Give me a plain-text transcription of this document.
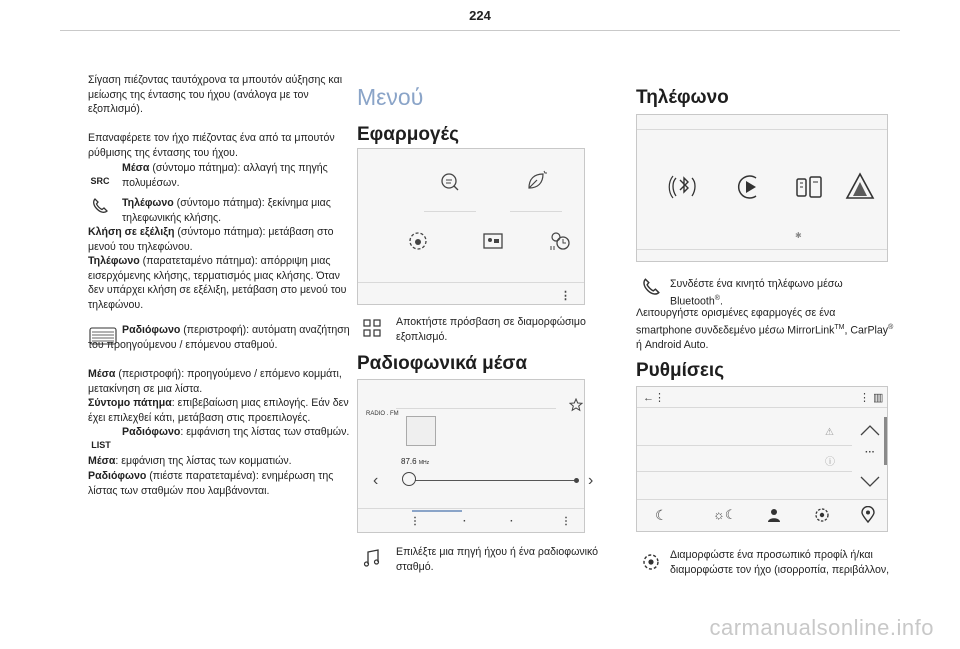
224
Σίγαση πιέζοντας ταυτόχρονα τα μπουτόν αύξησης και μείωσης της έντασης του ήχου (ανάλογα με τον εξοπλισμό).
Επαναφέρετε τον ήχο πιέζοντας ένα από τα μπουτόν ρύθμισης της έντασης του ήχου.
SRC
Μέσα (σύντομο πάτημα): αλλαγή της πηγής πολυμέσων.
Τηλέφωνο (σύντομο πάτημα): ξεκίνημα μιας τηλεφωνικής κλήσης.
Κλήση σε εξέλιξη (σύντομο πάτημα): μετάβαση στο μενού του τηλεφώνου.
Τηλέφωνο (παρατεταμένο πάτημα): απόρριψη μιας εισερχόμενης κλήσης, τερματισμός μιας κλήσης. Όταν δεν υπάρχει κλήση σε εξέλιξη, μετάβαση στο μενού του τηλεφώνου.
Ραδιόφωνο (περιστροφή): αυτόματη αναζήτηση του προηγούμενου / επόμενου σταθμού.
Μέσα (περιστροφή): προηγούμενο / επόμενο κομμάτι, μετακίνηση σε μια λίστα.
Σύντομο πάτημα: επιβεβαίωση μιας επιλογής. Εάν δεν έχει επιλεχθεί κάτι, μετάβαση στις προεπιλογές.
LIST
Ραδιόφωνο: εμφάνιση της λίστας των σταθμών.
Μέσα: εμφάνιση της λίστας των κομματιών.
Ραδιόφωνο (πιέστε παρατεταμένα): ενημέρωση της λίστας των σταθμών που λαμβάνονται.
Μενού
Εφαρμογές
⋮
Αποκτήστε πρόσβαση σε διαμορφώσιμο εξοπλισμό.
Ραδιοφωνικά μέσα
RADIO . FM
87.6 MHz
‹	›
⋮	·	·	⋮
Επιλέξτε μια πηγή ήχου ή ένα ραδιοφωνικό σταθμό.
Τηλέφωνο
✱
Συνδέστε ένα κινητό τηλέφωνο μέσω Bluetooth®.
Λειτουργήστε ορισμένες εφαρμογές σε ένα smartphone συνδεδεμένο μέσω MirrorLink™, CarPlay® ή Android Auto.
Ρυθμίσεις
←⋮	⋮ ▥
⚠
ⓘ
···
☾	☼☾
Διαμορφώστε ένα προσωπικό προφίλ ή/και διαμορφώστε τον ήχο (ισορροπία, περιβάλλον,
carmanualsonline.info
